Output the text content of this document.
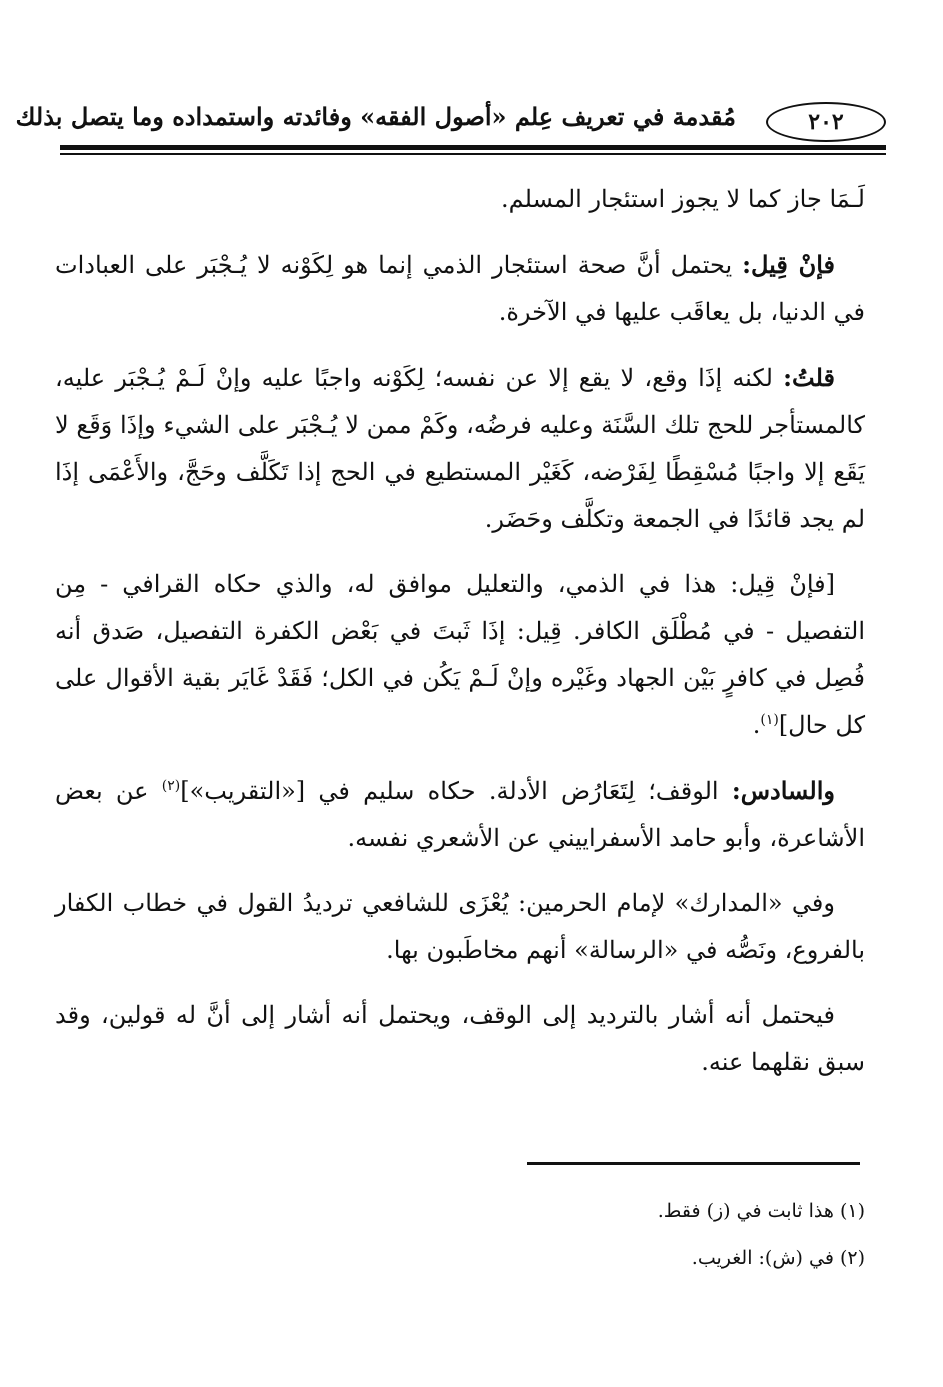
٢٠٢
مُقدمة في تعريف عِلم «أصول الفقه» وفائدته واستمداده وما يتصل بذلك

لَـمَا جاز كما لا يجوز استئجار المسلم.

فإنْ قِيل: يحتمل أنَّ صحة استئجار الذمي إنما هو لِكَوْنه لا يُـجْبَر على العبادات في الدنيا، بل يعاقَب عليها في الآخرة.

قلتُ: لكنه إذَا وقع، لا يقع إلا عن نفسه؛ لِكَوْنه واجبًا عليه وإنْ لَـمْ يُـجْبَر عليه، كالمستأجر للحج تلك السَّنَة وعليه فرضُه، وكَمْ ممن لا يُـجْبَر على الشيء وإذَا وَقَع لا يَقَع إلا واجبًا مُسْقِطًا لِفَرْضه، كَغَيْر المستطيع في الحج إذا تَكَلَّف وحَجَّ، والأَعْمَى إذَا لم يجد قائدًا في الجمعة وتكلَّف وحَضَر.

[فإنْ قِيل: هذا في الذمي، والتعليل موافق له، والذي حكاه القرافي - مِن التفصيل - في مُطْلَق الكافر. قِيل: إذَا ثَبتَ في بَعْض الكفرة التفصيل، صَدق أنه فُصِل في كافرٍ بَيْن الجهاد وغَيْره وإنْ لَـمْ يَكُن في الكل؛ فَقَدْ غَايَر بقية الأقوال على كل حال]$^{(١)}$.

والسادس: الوقف؛ لِتَعَارُض الأدلة. حكاه سليم في [«التقريب»]$^{(٢)}$ عن بعض الأشاعرة، وأبو حامد الأسفراييني عن الأشعري نفسه.

وفي «المدارك» لإمام الحرمين: يُعْزَى للشافعي ترديدُ القول في خطاب الكفار بالفروع، ونَصُّه في «الرسالة» أنهم مخاطَبون بها.

فيحتمل أنه أشار بالترديد إلى الوقف، ويحتمل أنه أشار إلى أنَّ له قولين، وقد سبق نقلهما عنه.

(١) هذا ثابت في (ز) فقط.

(٢) في (ش): الغريب.
